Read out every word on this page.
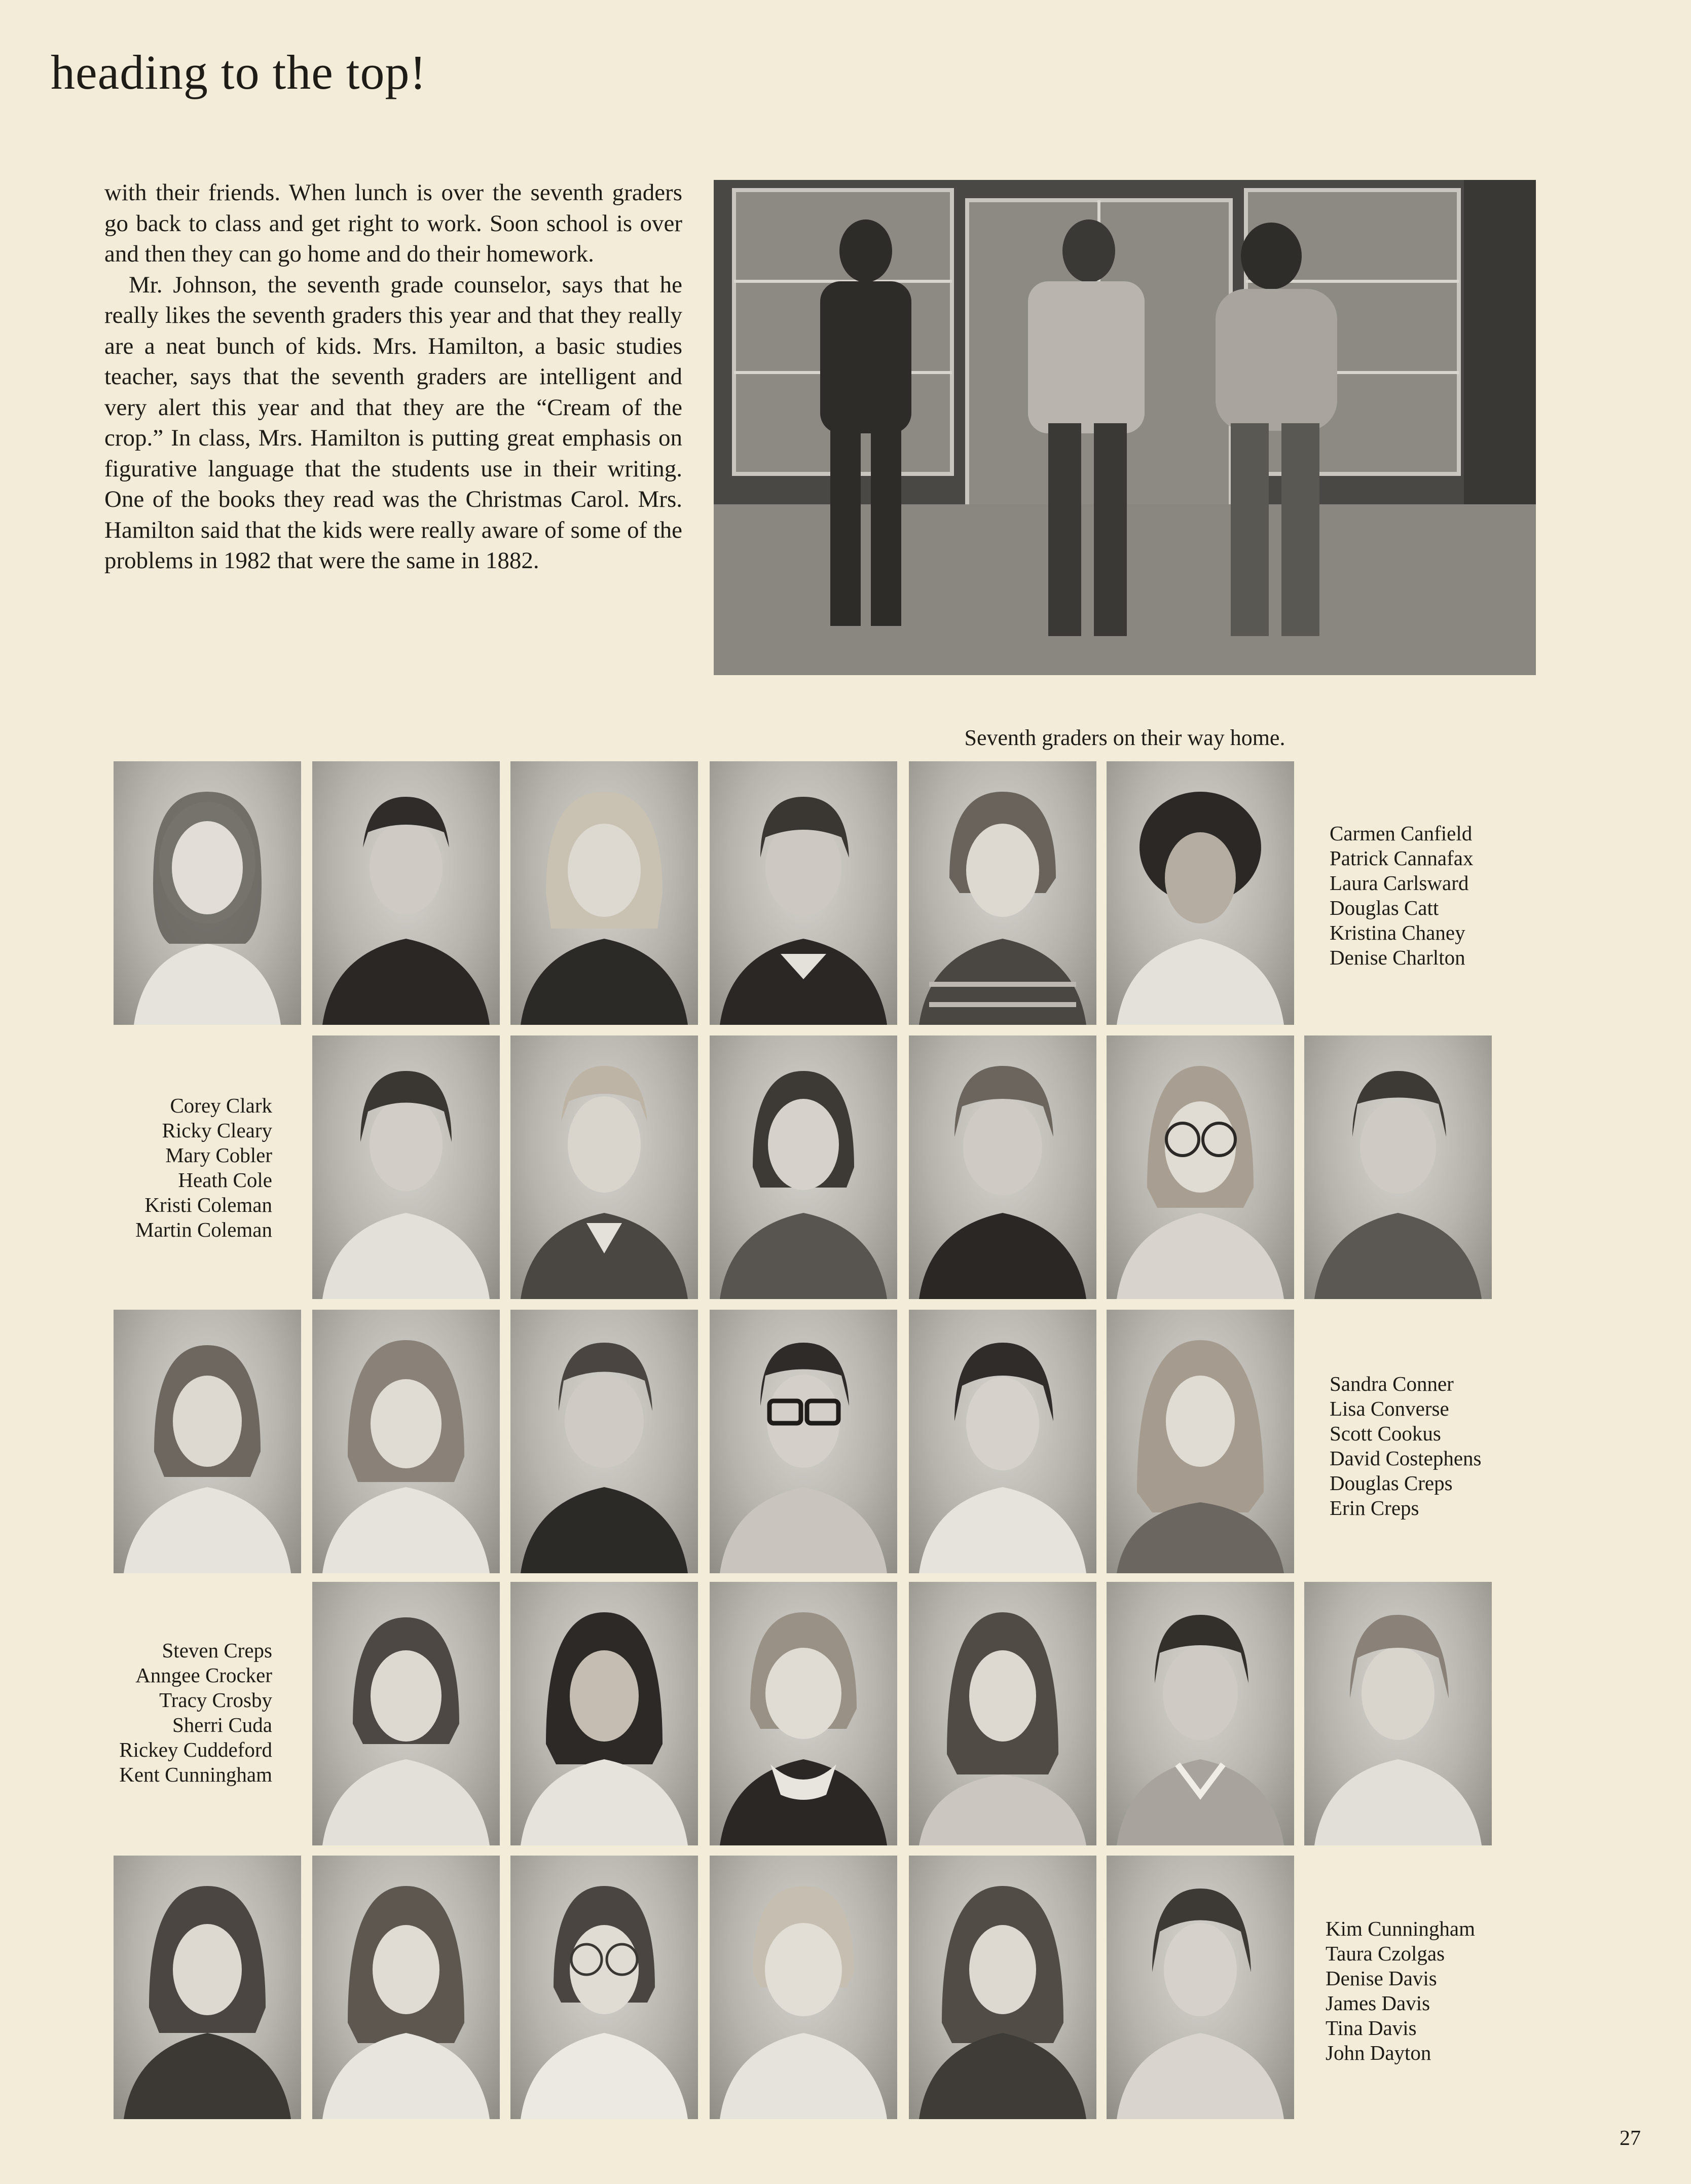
heading to the top!

with their friends. When lunch is over the seventh graders go back to class and get right to work. Soon school is over and then they can go home and do their homework.

Mr. Johnson, the seventh grade counselor, says that he really likes the seventh graders this year and that they really are a neat bunch of kids. Mrs. Hamilton, a basic studies teacher, says that the seventh graders are intelligent and very alert this year and that they are the “Cream of the crop.” In class, Mrs. Hamilton is putting great emphasis on figurative language that the students use in their writing. One of the books they read was the Christmas Carol. Mrs. Hamilton said that the kids were really aware of some of the problems in 1982 that were the same in 1882.

Seventh graders on their way home.
Carmen Canfield
Patrick Cannafax
Laura Carlsward
Douglas Catt
Kristina Chaney
Denise Charlton
Corey Clark
Ricky Cleary
Mary Cobler
Heath Cole
Kristi Coleman
Martin Coleman
Sandra Conner
Lisa Converse
Scott Cookus
David Costephens
Douglas Creps
Erin Creps
Steven Creps
Anngee Crocker
Tracy Crosby
Sherri Cuda
Rickey Cuddeford
Kent Cunningham
Kim Cunningham
Taura Czolgas
Denise Davis
James Davis
Tina Davis
John Dayton
27
